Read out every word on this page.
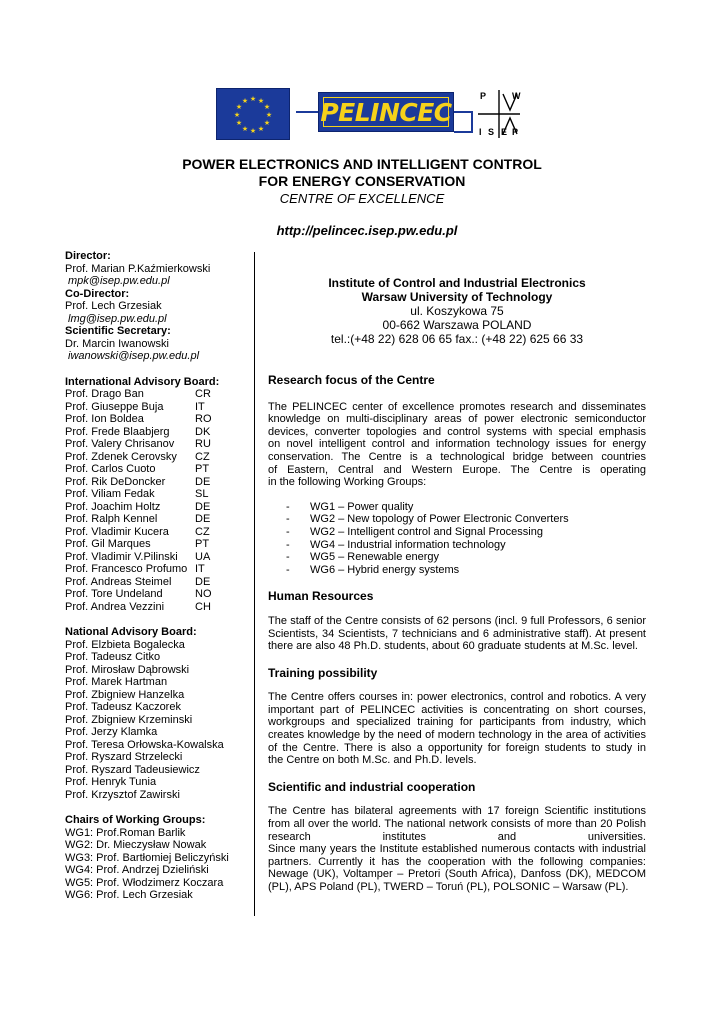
★ ★
★
★
★
★
★
★
★
★
★
★	PELINCEC
P	W
I S E P
POWER ELECTRONICS AND INTELLIGENT CONTROL
FOR ENERGY CONSERVATION
CENTRE OF EXCELLENCE
http://pelincec.isep.pw.edu.pl
Director:
Prof. Marian P.Kaźmierkowski
mpk@isep.pw.edu.pl
Co-Director:
Prof. Lech Grzesiak
lmg@isep.pw.edu.pl
Scientific Secretary:
Dr. Marcin Iwanowski
iwanowski@isep.pw.edu.pl
International Advisory Board:
Prof. Drago Ban	CR
Prof. Giuseppe Buja	IT
Prof. Ion Boldea	RO
Prof. Frede Blaabjerg	DK
Prof. Valery Chrisanov	RU
Prof. Zdenek Cerovsky	CZ
Prof. Carlos Cuoto	PT
Prof. Rik DeDoncker	DE
Prof. Viliam Fedak	SL
Prof. Joachim Holtz	DE
Prof. Ralph Kennel	DE
Prof. Vladimir Kucera	CZ
Prof. Gil Marques	PT
Prof. Vladimir V.Pilinski	UA
Prof. Francesco Profumo IT
Prof. Andreas Steimel	DE
Prof. Tore Undeland	NO
Prof. Andrea Vezzini	CH
National Advisory Board:
Prof. Elzbieta Bogalecka
Prof. Tadeusz Citko
Prof. Mirosław Dąbrowski
Prof. Marek Hartman
Prof. Zbigniew Hanzelka
Prof. Tadeusz Kaczorek
Prof. Zbigniew Krzeminski
Prof. Jerzy Klamka
Prof. Teresa Orłowska-Kowalska
Prof. Ryszard Strzelecki
Prof. Ryszard Tadeusiewicz
Prof. Henryk Tunia
Prof. Krzysztof Zawirski
Chairs of Working Groups:
WG1: Prof.Roman Barlik
WG2: Dr. Mieczysław Nowak
WG3: Prof. Bartłomiej Beliczyński
WG4: Prof. Andrzej Dzieliński
WG5: Prof. Włodzimerz Koczara
WG6: Prof. Lech Grzesiak
Institute of Control and Industrial Electronics
Warsaw University of Technology
ul. Koszykowa 75
00-662 Warszawa POLAND
tel.:(+48 22) 628 06 65 fax.: (+48 22) 625 66 33
Research focus of the Centre
The PELINCEC center of excellence promotes research and disseminates
knowledge on multi-disciplinary areas of power electronic semiconductor
devices, converter topologies and control systems with special emphasis
on novel intelligent control and information technology issues for energy
conservation. The Centre is a technological bridge between countries
of Eastern, Central and Western Europe. The Centre is operating
in the following Working Groups:
-	WG1 – Power quality
-	WG2 – New topology of Power Electronic Converters
-	WG2 – Intelligent control and Signal Processing
-	WG4 – Industrial information technology
-	WG5 – Renewable energy
-	WG6 – Hybrid energy systems
Human Resources
The staff of the Centre consists of 62 persons (incl. 9 full Professors, 6 senior
Scientists, 34 Scientists, 7 technicians and 6 administrative staff). At present
there are also 48 Ph.D. students, about 60 graduate students at M.Sc. level.
Training possibility
The Centre offers courses in: power electronics, control and robotics. A very
important part of PELINCEC activities is concentrating on short courses,
workgroups and specialized training for participants from industry, which
creates knowledge by the need of modern technology in the area of activities
of the Centre. There is also a opportunity for foreign students to study in
the Centre on both M.Sc. and Ph.D. levels.
Scientific and industrial cooperation
The Centre has bilateral agreements with 17 foreign Scientific institutions
from all over the world. The national network consists of more than 20 Polish
research institutes and universities.
Since many years the Institute established numerous contacts with industrial
partners. Currently it has the cooperation with the following companies:
Newage (UK), Voltamper – Pretori (South Africa), Danfoss (DK), MEDCOM
(PL), APS Poland (PL), TWERD – Toruń (PL), POLSONIC – Warsaw (PL).
